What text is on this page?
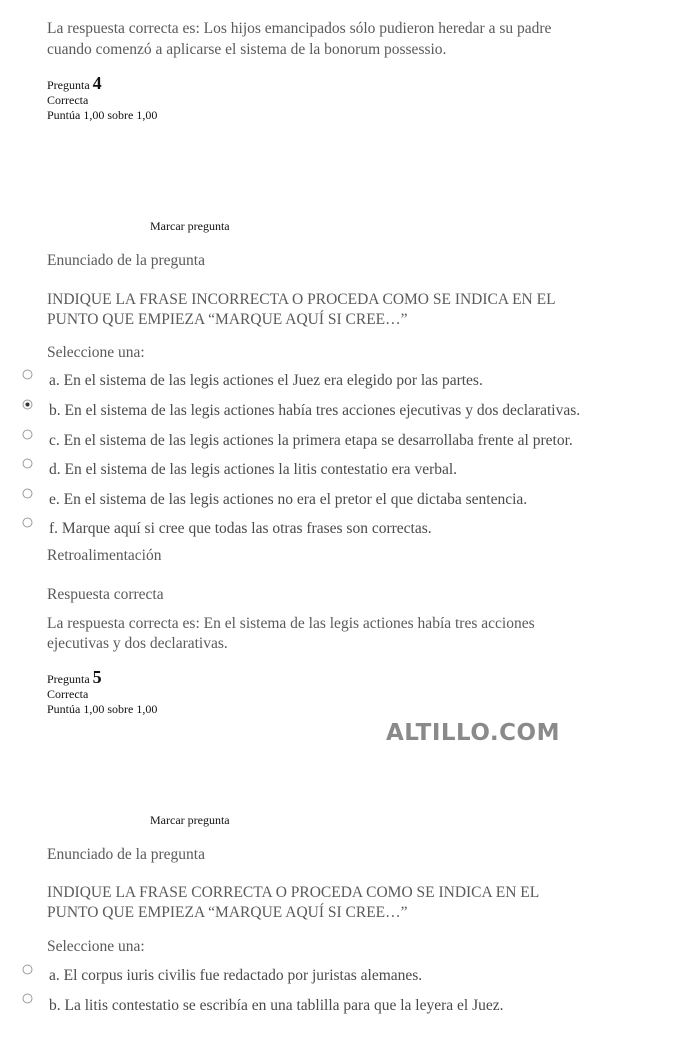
La respuesta correcta es: Los hijos emancipados sólo pudieron heredar a su padre

cuando comenzó a aplicarse el sistema de la bonorum possessio.

Pregunta 4
Correcta
Puntúa 1,00 sobre 1,00
Marcar pregunta

Enunciado de la pregunta

INDIQUE LA FRASE INCORRECTA O PROCEDA COMO SE INDICA EN EL

PUNTO QUE EMPIEZA “MARQUE AQUÍ SI CREE…”

Seleccione una:

a. En el sistema de las legis actiones el Juez era elegido por las partes.
b. En el sistema de las legis actiones había tres acciones ejecutivas y dos declarativas.
c. En el sistema de las legis actiones la primera etapa se desarrollaba frente al pretor.
d. En el sistema de las legis actiones la litis contestatio era verbal.
e. En el sistema de las legis actiones no era el pretor el que dictaba sentencia.
f. Marque aquí si cree que todas las otras frases son correctas.

Retroalimentación

Respuesta correcta

La respuesta correcta es: En el sistema de las legis actiones había tres acciones

ejecutivas y dos declarativas.

Pregunta 5
Correcta
Puntúa 1,00 sobre 1,00
ALTILLO.COM
Marcar pregunta

Enunciado de la pregunta

INDIQUE LA FRASE CORRECTA O PROCEDA COMO SE INDICA EN EL

PUNTO QUE EMPIEZA “MARQUE AQUÍ SI CREE…”

Seleccione una:

a. El corpus iuris civilis fue redactado por juristas alemanes.
b. La litis contestatio se escribía en una tablilla para que la leyera el Juez.
